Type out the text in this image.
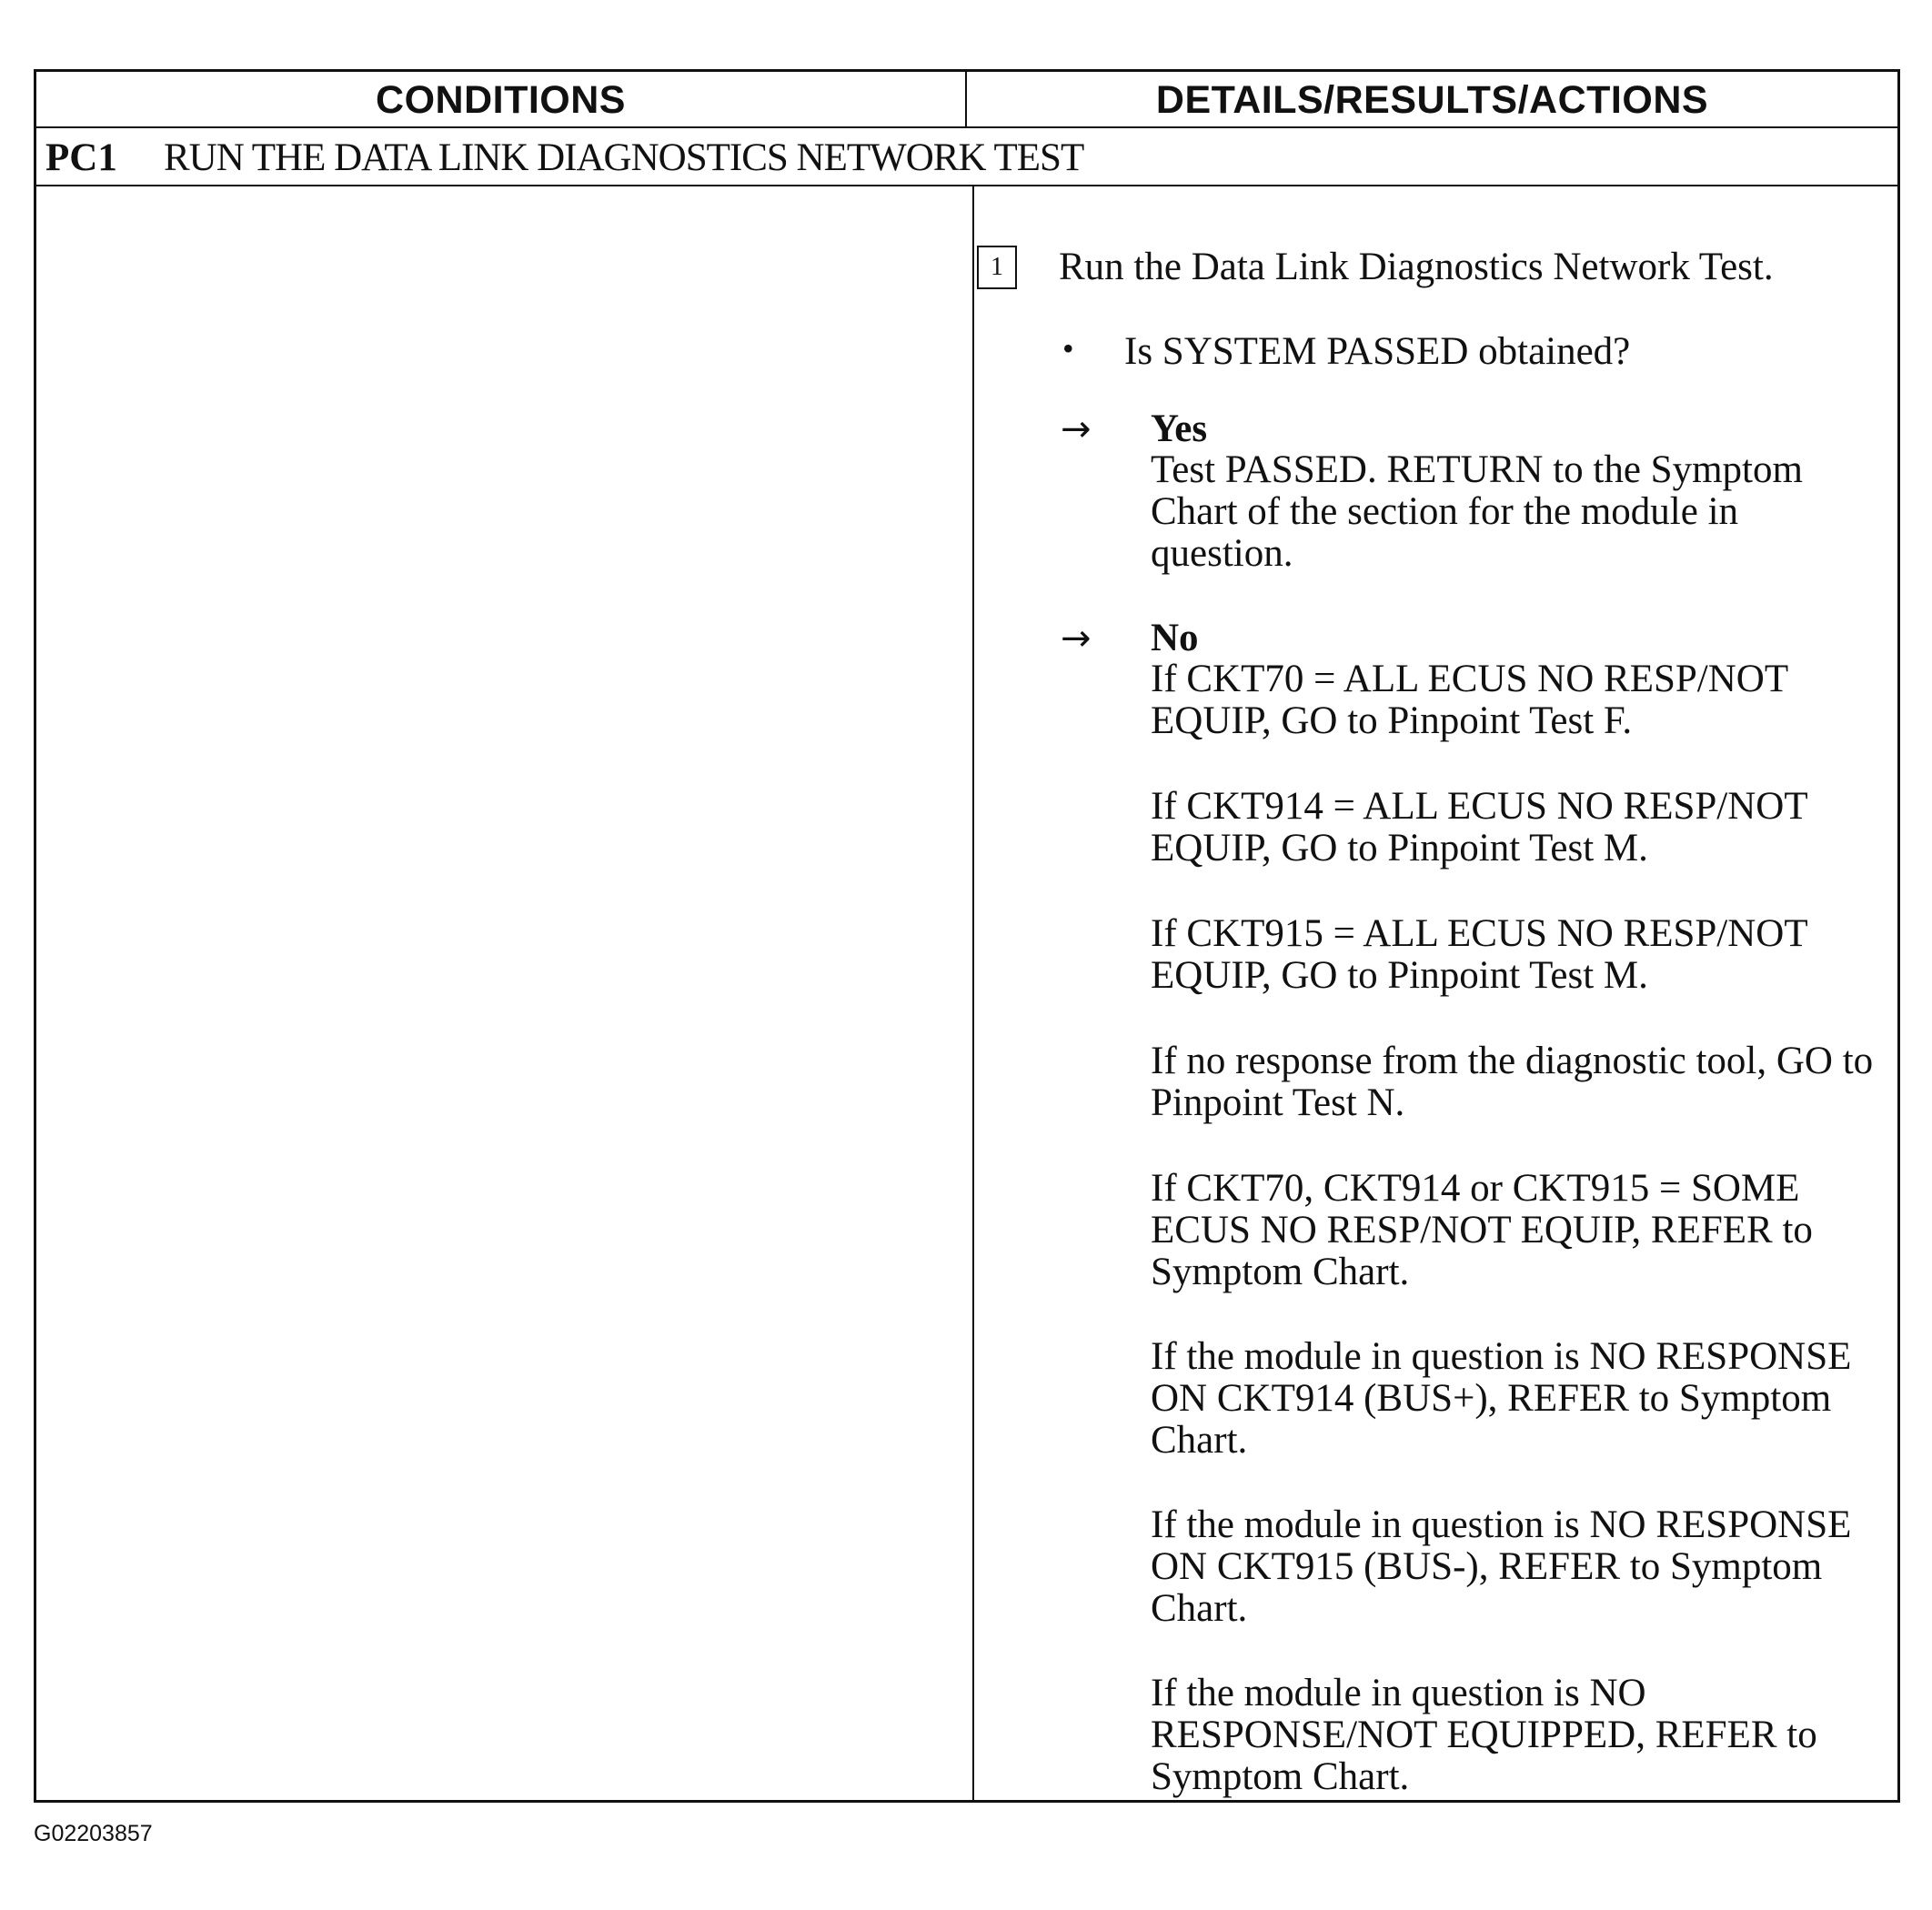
CONDITIONS	DETAILS/RESULTS/ACTIONS
PC1 RUN THE DATA LINK DIAGNOSTICS NETWORK TEST
1	Run the Data Link Diagnostics Network Test.
• Is SYSTEM PASSED obtained?
→ Yes
Test PASSED. RETURN to the Symptom Chart of the section for the module in question.
→ No
If CKT70 = ALL ECUS NO RESP/NOT EQUIP, GO to Pinpoint Test F.
If CKT914 = ALL ECUS NO RESP/NOT EQUIP, GO to Pinpoint Test M.
If CKT915 = ALL ECUS NO RESP/NOT EQUIP, GO to Pinpoint Test M.
If no response from the diagnostic tool, GO to Pinpoint Test N.
If CKT70, CKT914 or CKT915 = SOME ECUS NO RESP/NOT EQUIP, REFER to Symptom Chart.
If the module in question is NO RESPONSE ON CKT914 (BUS+), REFER to Symptom Chart.
If the module in question is NO RESPONSE ON CKT915 (BUS-), REFER to Symptom Chart.
If the module in question is NO RESPONSE/NOT EQUIPPED, REFER to Symptom Chart.
G02203857
